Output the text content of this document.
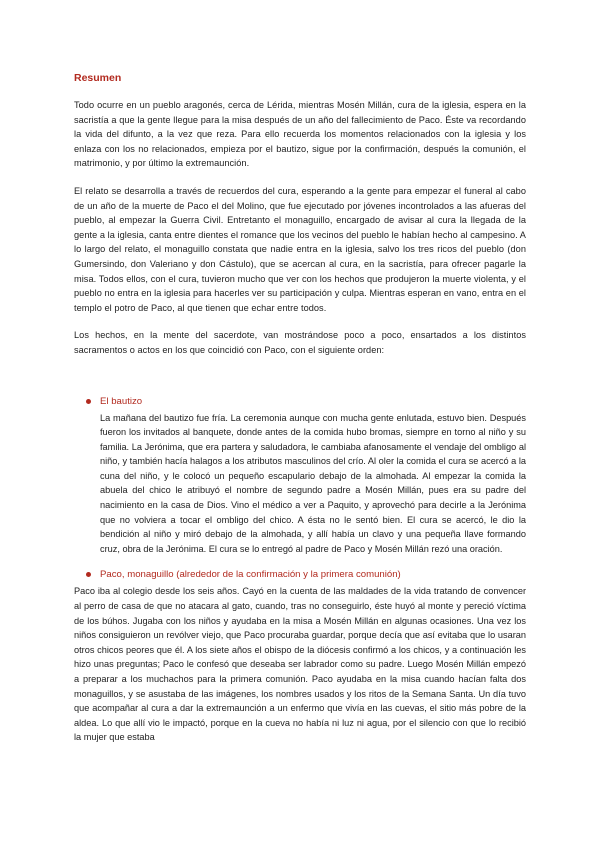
Resumen

Todo ocurre en un pueblo aragonés, cerca de Lérida, mientras Mosén Millán, cura de la iglesia, espera en la sacristía a que la gente llegue para la misa después de un año del fallecimiento de Paco. Éste va recordando la vida del difunto, a la vez que reza. Para ello recuerda los momentos relacionados con la iglesia y los enlaza con los no relacionados, empieza por el bautizo, sigue por la confirmación, después la comunión, el matrimonio, y por último la extremaunción.

El relato se desarrolla a través de recuerdos del cura, esperando a la gente para empezar el funeral al cabo de un año de la muerte de Paco el del Molino, que fue ejecutado por jóvenes incontrolados a las afueras del pueblo, al empezar la Guerra Civil. Entretanto el monaguillo, encargado de avisar al cura la llegada de la gente a la iglesia, canta entre dientes el romance que los vecinos del pueblo le habían hecho al campesino. A lo largo del relato, el monaguillo constata que nadie entra en la iglesia, salvo los tres ricos del pueblo (don Gumersindo, don Valeriano y don Cástulo), que se acercan al cura, en la sacristía, para ofrecer pagarle la misa. Todos ellos, con el cura, tuvieron mucho que ver con los hechos que produjeron la muerte violenta, y el pueblo no entra en la iglesia para hacerles ver su participación y culpa. Mientras esperan en vano, entra en el templo el potro de Paco, al que tienen que echar entre todos.

Los hechos, en la mente del sacerdote, van mostrándose poco a poco, ensartados a los distintos sacramentos o actos en los que coincidió con Paco, con el siguiente orden:

El bautizo
La mañana del bautizo fue fría. La ceremonia aunque con mucha gente enlutada, estuvo bien. Después fueron los invitados al banquete, donde antes de la comida hubo bromas, siempre en torno al niño y su familia. La Jerónima, que era partera y saludadora, le cambiaba afanosamente el vendaje del ombligo al niño, y también hacía halagos a los atributos masculinos del crío. Al oler la comida el cura se acercó a la cuna del niño, y le colocó un pequeño escapulario debajo de la almohada. Al empezar la comida la abuela del chico le atribuyó el nombre de segundo padre a Mosén Millán, pues era su padre del nacimiento en la casa de Dios. Vino el médico a ver a Paquito, y aprovechó para decirle a la Jerónima que no volviera a tocar el ombligo del chico. A ésta no le sentó bien. El cura se acercó, le dio la bendición al niño y miró debajo de la almohada, y allí había un clavo y una pequeña llave formando cruz, obra de la Jerónima. El cura se lo entregó al padre de Paco y Mosén Millán rezó una oración.
Paco, monaguillo (alrededor de la confirmación y la primera comunión)
Paco iba al colegio desde los seis años. Cayó en la cuenta de las maldades de la vida tratando de convencer al perro de casa de que no atacara al gato, cuando, tras no conseguirlo, éste huyó al monte y pereció víctima de los búhos. Jugaba con los niños y ayudaba en la misa a Mosén Millán en algunas ocasiones. Una vez los niños consiguieron un revólver viejo, que Paco procuraba guardar, porque decía que así evitaba que lo usaran otros chicos peores que él. A los siete años el obispo de la diócesis confirmó a los chicos, y a continuación les hizo unas preguntas; Paco le confesó que deseaba ser labrador como su padre. Luego Mosén Millán empezó a preparar a los muchachos para la primera comunión. Paco ayudaba en la misa cuando hacían falta dos monaguillos, y se asustaba de las imágenes, los nombres usados y los ritos de la Semana Santa. Un día tuvo que acompañar al cura a dar la extremaunción a un enfermo que vivía en las cuevas, el sitio más pobre de la aldea. Lo que allí vio le impactó, porque en la cueva no había ni luz ni agua, por el silencio con que lo recibió la mujer que estaba
